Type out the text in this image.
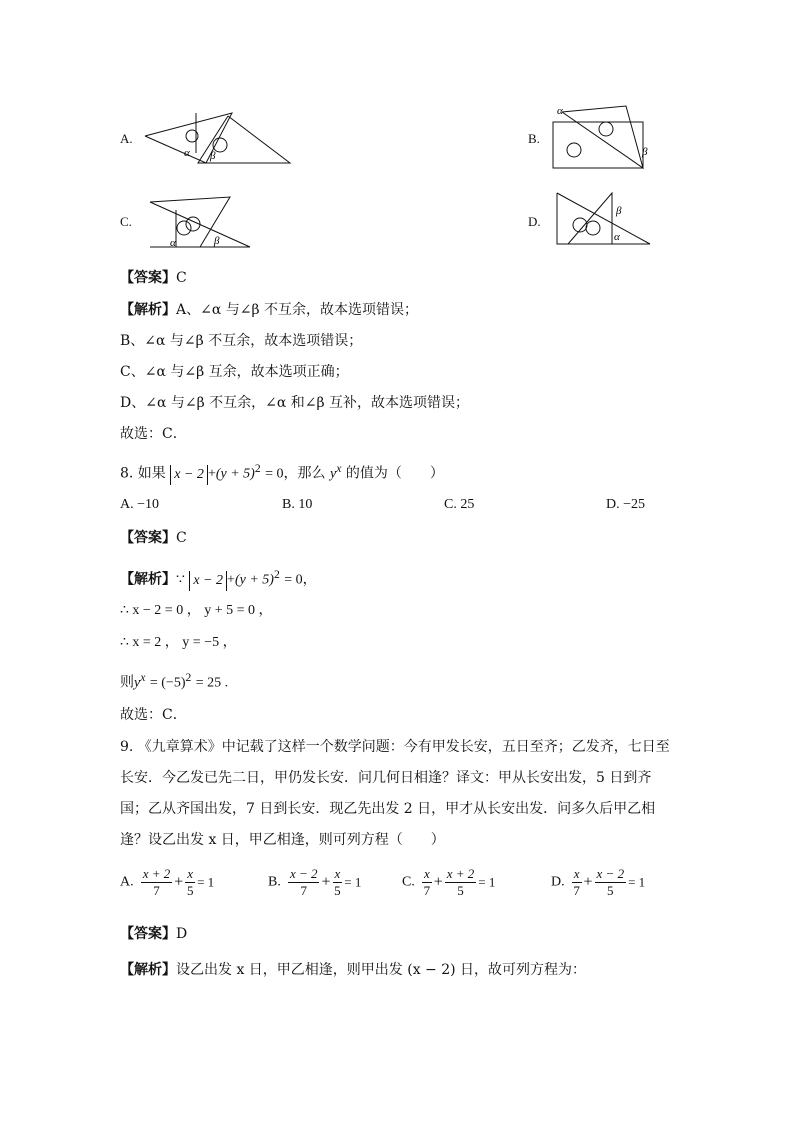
A.
α β
B.
α
β
C.
α	β
D.
β
α
【答案】C
【解析】A、∠α 与∠β 不互余，故本选项错误；
B、∠α 与∠β 不互余，故本选项错误；
C、∠α 与∠β 互余，故本选项正确；
D、∠α 与∠β 不互余，∠α 和∠β 互补，故本选项错误；
故选：C．
8. 如果 $x - 2 +(y + 5)^2 = 0$，那么 $y^x$ 的值为（　　）
A. −10	B. 10	C. 25	D. −25
【答案】C
【解析】∵ $x - 2 +(y + 5)^2 = 0$，
∴ x − 2 = 0 ， y + 5 = 0 ，
∴ x = 2 ， y = −5 ，
则$y^x = (-5)^2 = 25$ .
故选：C．
9. 《九章算术》中记载了这样一个数学问题：今有甲发长安，五日至齐；乙发齐，七日至
长安．今乙发已先二日，甲仍发长安．问几何日相逢？译文：甲从长安出发，5 日到齐
国；乙从齐国出发，7 日到长安．现乙先出发 2 日，甲才从长安出发．问多久后甲乙相
逢？设乙出发 x 日，甲乙相逢，则可列方程（　　）
A. $\frac{x + 2}{7} + \frac{x}{5} = 1$	B. $\frac{x - 2}{7} + \frac{x}{5} = 1$	C. $\frac{x}{7} + \frac{x + 2}{5} = 1$	D. $\frac{x}{7} + \frac{x - 2}{5} = 1$
【答案】D
【解析】设乙出发 x 日，甲乙相逢，则甲出发 (x − 2) 日，故可列方程为：
